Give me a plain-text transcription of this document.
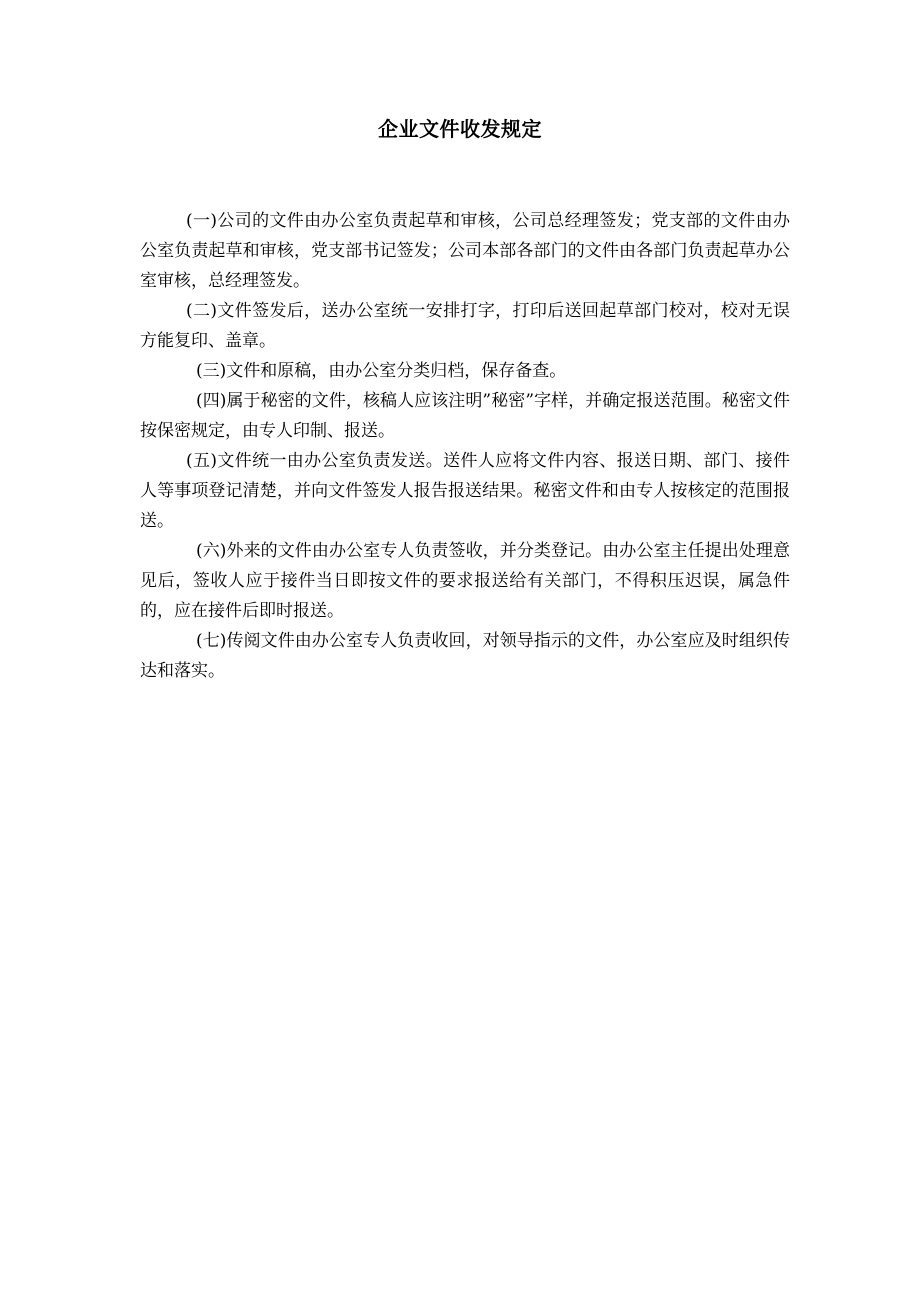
企业文件收发规定

(一)公司的文件由办公室负责起草和审核，公司总经理签发；党支部的文件由办公室负责起草和审核，党支部书记签发；公司本部各部门的文件由各部门负责起草办公室审核，总经理签发。

(二)文件签发后，送办公室统一安排打字，打印后送回起草部门校对，校对无误方能复印、盖章。

(三)文件和原稿，由办公室分类归档，保存备查。

(四)属于秘密的文件，核稿人应该注明”秘密”字样，并确定报送范围。秘密文件按保密规定，由专人印制、报送。

(五)文件统一由办公室负责发送。送件人应将文件内容、报送日期、部门、接件人等事项登记清楚，并向文件签发人报告报送结果。秘密文件和由专人按核定的范围报送。

(六)外来的文件由办公室专人负责签收，并分类登记。由办公室主任提出处理意见后，签收人应于接件当日即按文件的要求报送给有关部门，不得积压迟误，属急件的，应在接件后即时报送。

(七)传阅文件由办公室专人负责收回，对领导指示的文件，办公室应及时组织传达和落实。
